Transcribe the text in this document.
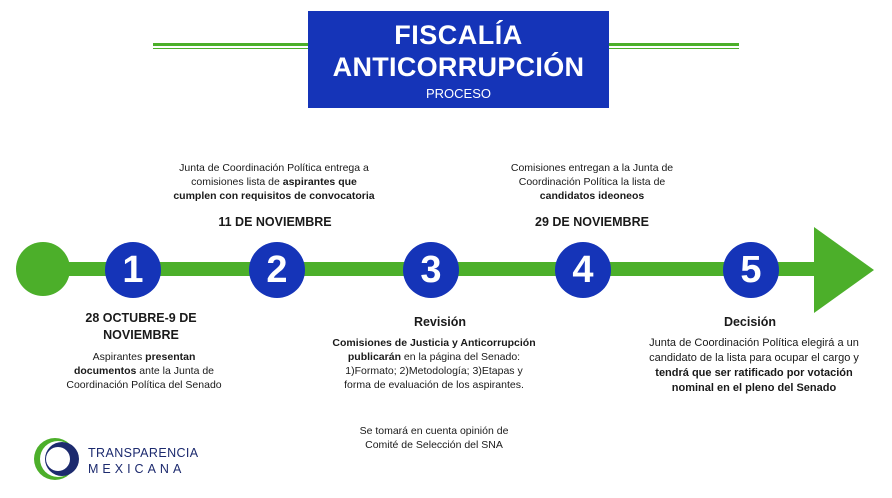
FISCALÍA
ANTICORRUPCIÓN
PROCESO
Junta de Coordinación Política entrega a comisiones lista de aspirantes que cumplen con requisitos de convocatoria
11 DE NOVIEMBRE
Comisiones entregan a la Junta de Coordinación Política la lista de candidatos ideoneos
29 DE NOVIEMBRE
1	2	3	4	5
28 OCTUBRE-9 DE NOVIEMBRE
Aspirantes presentan
documentos ante la Junta de Coordinación Política del Senado
Revisión
Comisiones de Justicia y Anticorrupción publicarán en la página del Senado: 1)Formato; 2)Metodología; 3)Etapas y forma de evaluación de los aspirantes.
Se tomará en cuenta opinión de Comité de Selección del SNA
Decisión
Junta de Coordinación Política elegirá a un candidato de la lista para ocupar el cargo y tendrá que ser ratificado por votación nominal en el pleno del Senado
TRANSPARENCIA
MEXICANA
